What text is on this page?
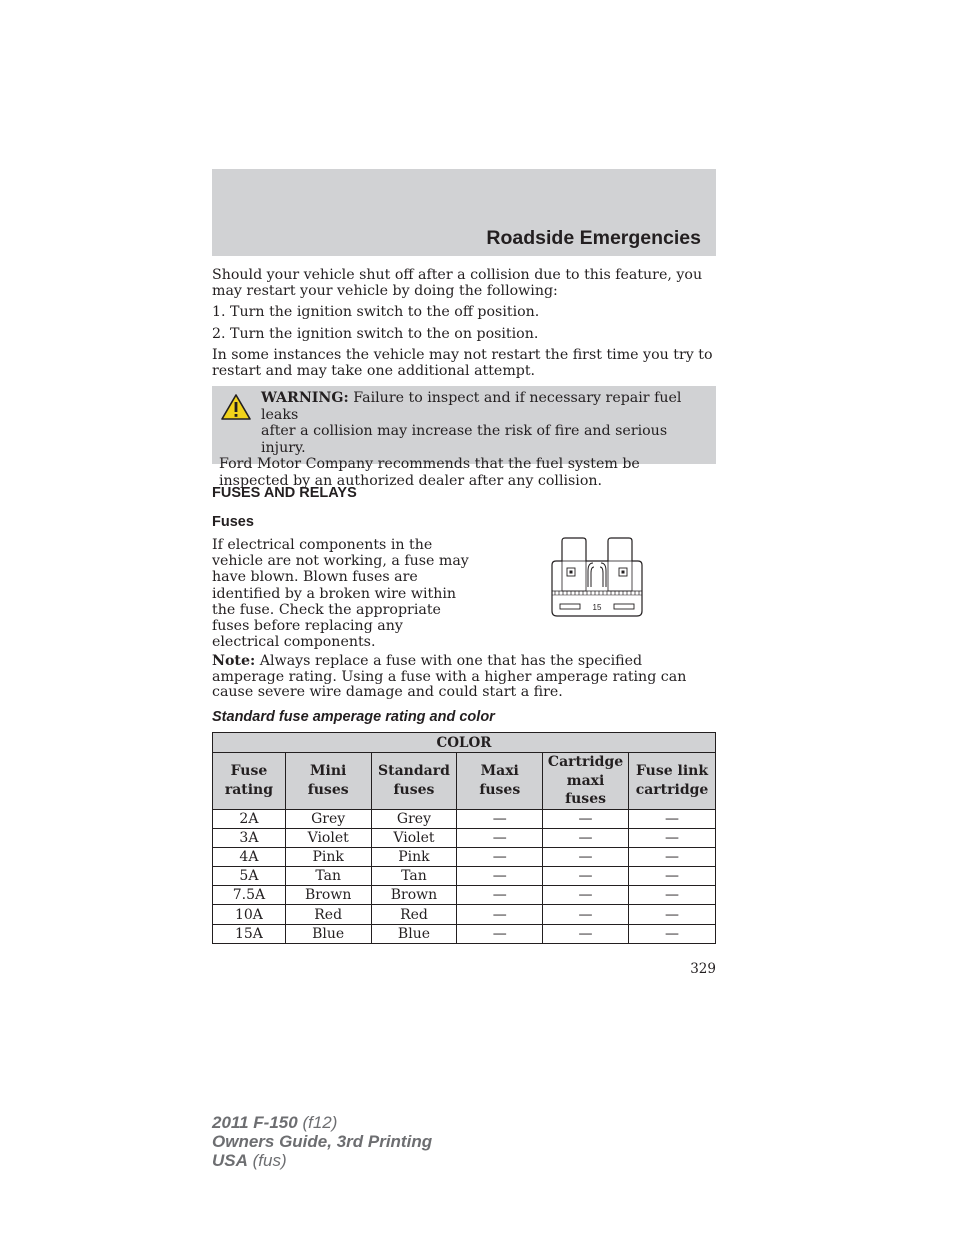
Roadside Emergencies
Should your vehicle shut off after a collision due to this feature, you may restart your vehicle by doing the following:
1. Turn the ignition switch to the off position.
2. Turn the ignition switch to the on position.
In some instances the vehicle may not restart the first time you try to restart and may take one additional attempt.
WARNING: Failure to inspect and if necessary repair fuel leaks
after a collision may increase the risk of fire and serious injury.
Ford Motor Company recommends that the fuel system be inspected by an authorized dealer after any collision.
FUSES AND RELAYS
Fuses
If electrical components in the vehicle are not working, a fuse may have blown. Blown fuses are identified by a broken wire within the fuse. Check the appropriate fuses before replacing any electrical components.
15
Note: Always replace a fuse with one that has the specified amperage rating. Using a fuse with a higher amperage rating can cause severe wire damage and could start a fire.
Standard fuse amperage rating and color
COLOR					
Fuse rating	Mini fuses	Standard fuses	Maxi fuses	Cartridge maxi fuses	Fuse link cartridge
2A	Grey	Grey	—	—	—
3A	Violet	Violet	—	—	—
4A	Pink	Pink	—	—	—
5A	Tan	Tan	—	—	—
7.5A	Brown	Brown	—	—	—
10A	Red	Red	—	—	—
15A	Blue	Blue	—	—	—
329
2011 F-150 (f12)
Owners Guide, 3rd Printing
USA (fus)
